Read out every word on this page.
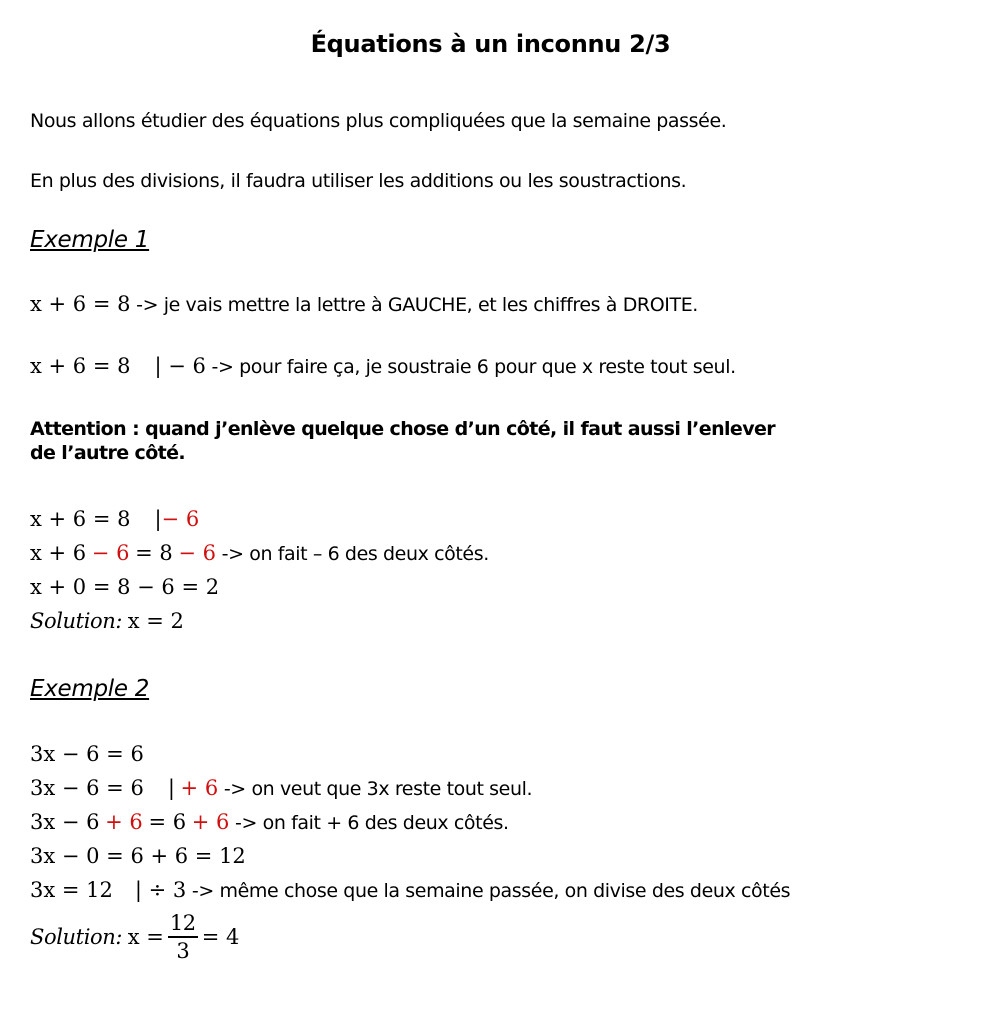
Équations à un inconnu 2/3
Nous allons étudier des équations plus compliquées que la semaine passée.
En plus des divisions, il faudra utiliser les additions ou les soustractions.
Exemple 1
x + 6 = 8 -> je vais mettre la lettre à GAUCHE, et les chiffres à DROITE.
x + 6 = 8 | − 6 -> pour faire ça, je soustraie 6 pour que x reste tout seul.
Attention : quand j’enlève quelque chose d’un côté, il faut aussi l’enlever
de l’autre côté.
x + 6 = 8 |− 6
x + 6 − 6 = 8 − 6 -> on fait – 6 des deux côtés.
x + 0 = 8 − 6 = 2
Solution: x = 2
Exemple 2
3x − 6 = 6
3x − 6 = 6 | + 6 -> on veut que 3x reste tout seul.
3x − 6 + 6 = 6 + 6 -> on fait + 6 des deux côtés.
3x − 0 = 6 + 6 = 12
3x = 12 | ÷ 3 -> même chose que la semaine passée, on divise des deux côtés
Solution: $x = \frac{12}{3} = 4$
